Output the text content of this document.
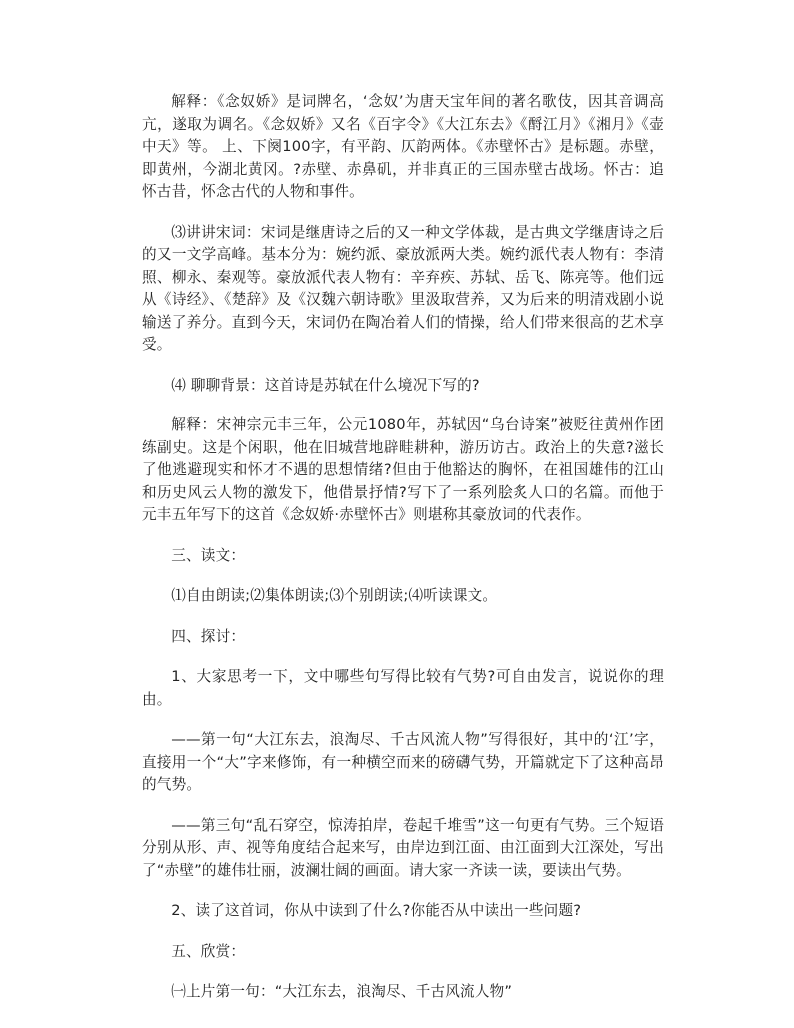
解释：《念奴娇》是词牌名，‘念奴’为唐天宝年间的著名歌伎，因其音调高亢，遂取为调名。《念奴娇》又名《百字令》《大江东去》《酹江月》《湘月》《壶中天》等。 上、下阕100字，有平韵、仄韵两体。《赤壁怀古》是标题。赤壁，即黄州，今湖北黄冈。?赤壁、赤鼻矶，并非真正的三国赤壁古战场。怀古：追怀古昔，怀念古代的人物和事件。

⑶讲讲宋词：宋词是继唐诗之后的又一种文学体裁，是古典文学继唐诗之后的又一文学高峰。基本分为：婉约派、豪放派两大类。婉约派代表人物有：李清照、柳永、秦观等。豪放派代表人物有：辛弃疾、苏轼、岳飞、陈亮等。他们远从《诗经》、《楚辞》及《汉魏六朝诗歌》里汲取营养，又为后来的明清戏剧小说输送了养分。直到今天，宋词仍在陶冶着人们的情操，给人们带来很高的艺术享受。

⑷ 聊聊背景：这首诗是苏轼在什么境况下写的?

解释：宋神宗元丰三年，公元1080年，苏轼因“乌台诗案”被贬往黄州作团练副史。这是个闲职，他在旧城营地辟畦耕种，游历访古。政治上的失意?滋长了他逃避现实和怀才不遇的思想情绪?但由于他豁达的胸怀，在祖国雄伟的江山和历史风云人物的激发下，他借景抒情?写下了一系列脍炙人口的名篇。而他于元丰五年写下的这首《念奴娇·赤壁怀古》则堪称其豪放词的代表作。

三、读文：

⑴自由朗读;⑵集体朗读;⑶个别朗读;⑷听读课文。

四、探讨：

1、大家思考一下，文中哪些句写得比较有气势?可自由发言，说说你的理由。

——第一句“大江东去，浪淘尽、千古风流人物”写得很好，其中的‘江’字，直接用一个“大”字来修饰，有一种横空而来的磅礴气势，开篇就定下了这种高昂的气势。

——第三句“乱石穿空，惊涛拍岸，卷起千堆雪”这一句更有气势。三个短语分别从形、声、视等角度结合起来写，由岸边到江面、由江面到大江深处，写出了“赤壁”的雄伟壮丽，波澜壮阔的画面。请大家一齐读一读，要读出气势。

2、读了这首词，你从中读到了什么?你能否从中读出一些问题?

五、欣赏：

㈠上片第一句：“大江东去，浪淘尽、千古风流人物”
